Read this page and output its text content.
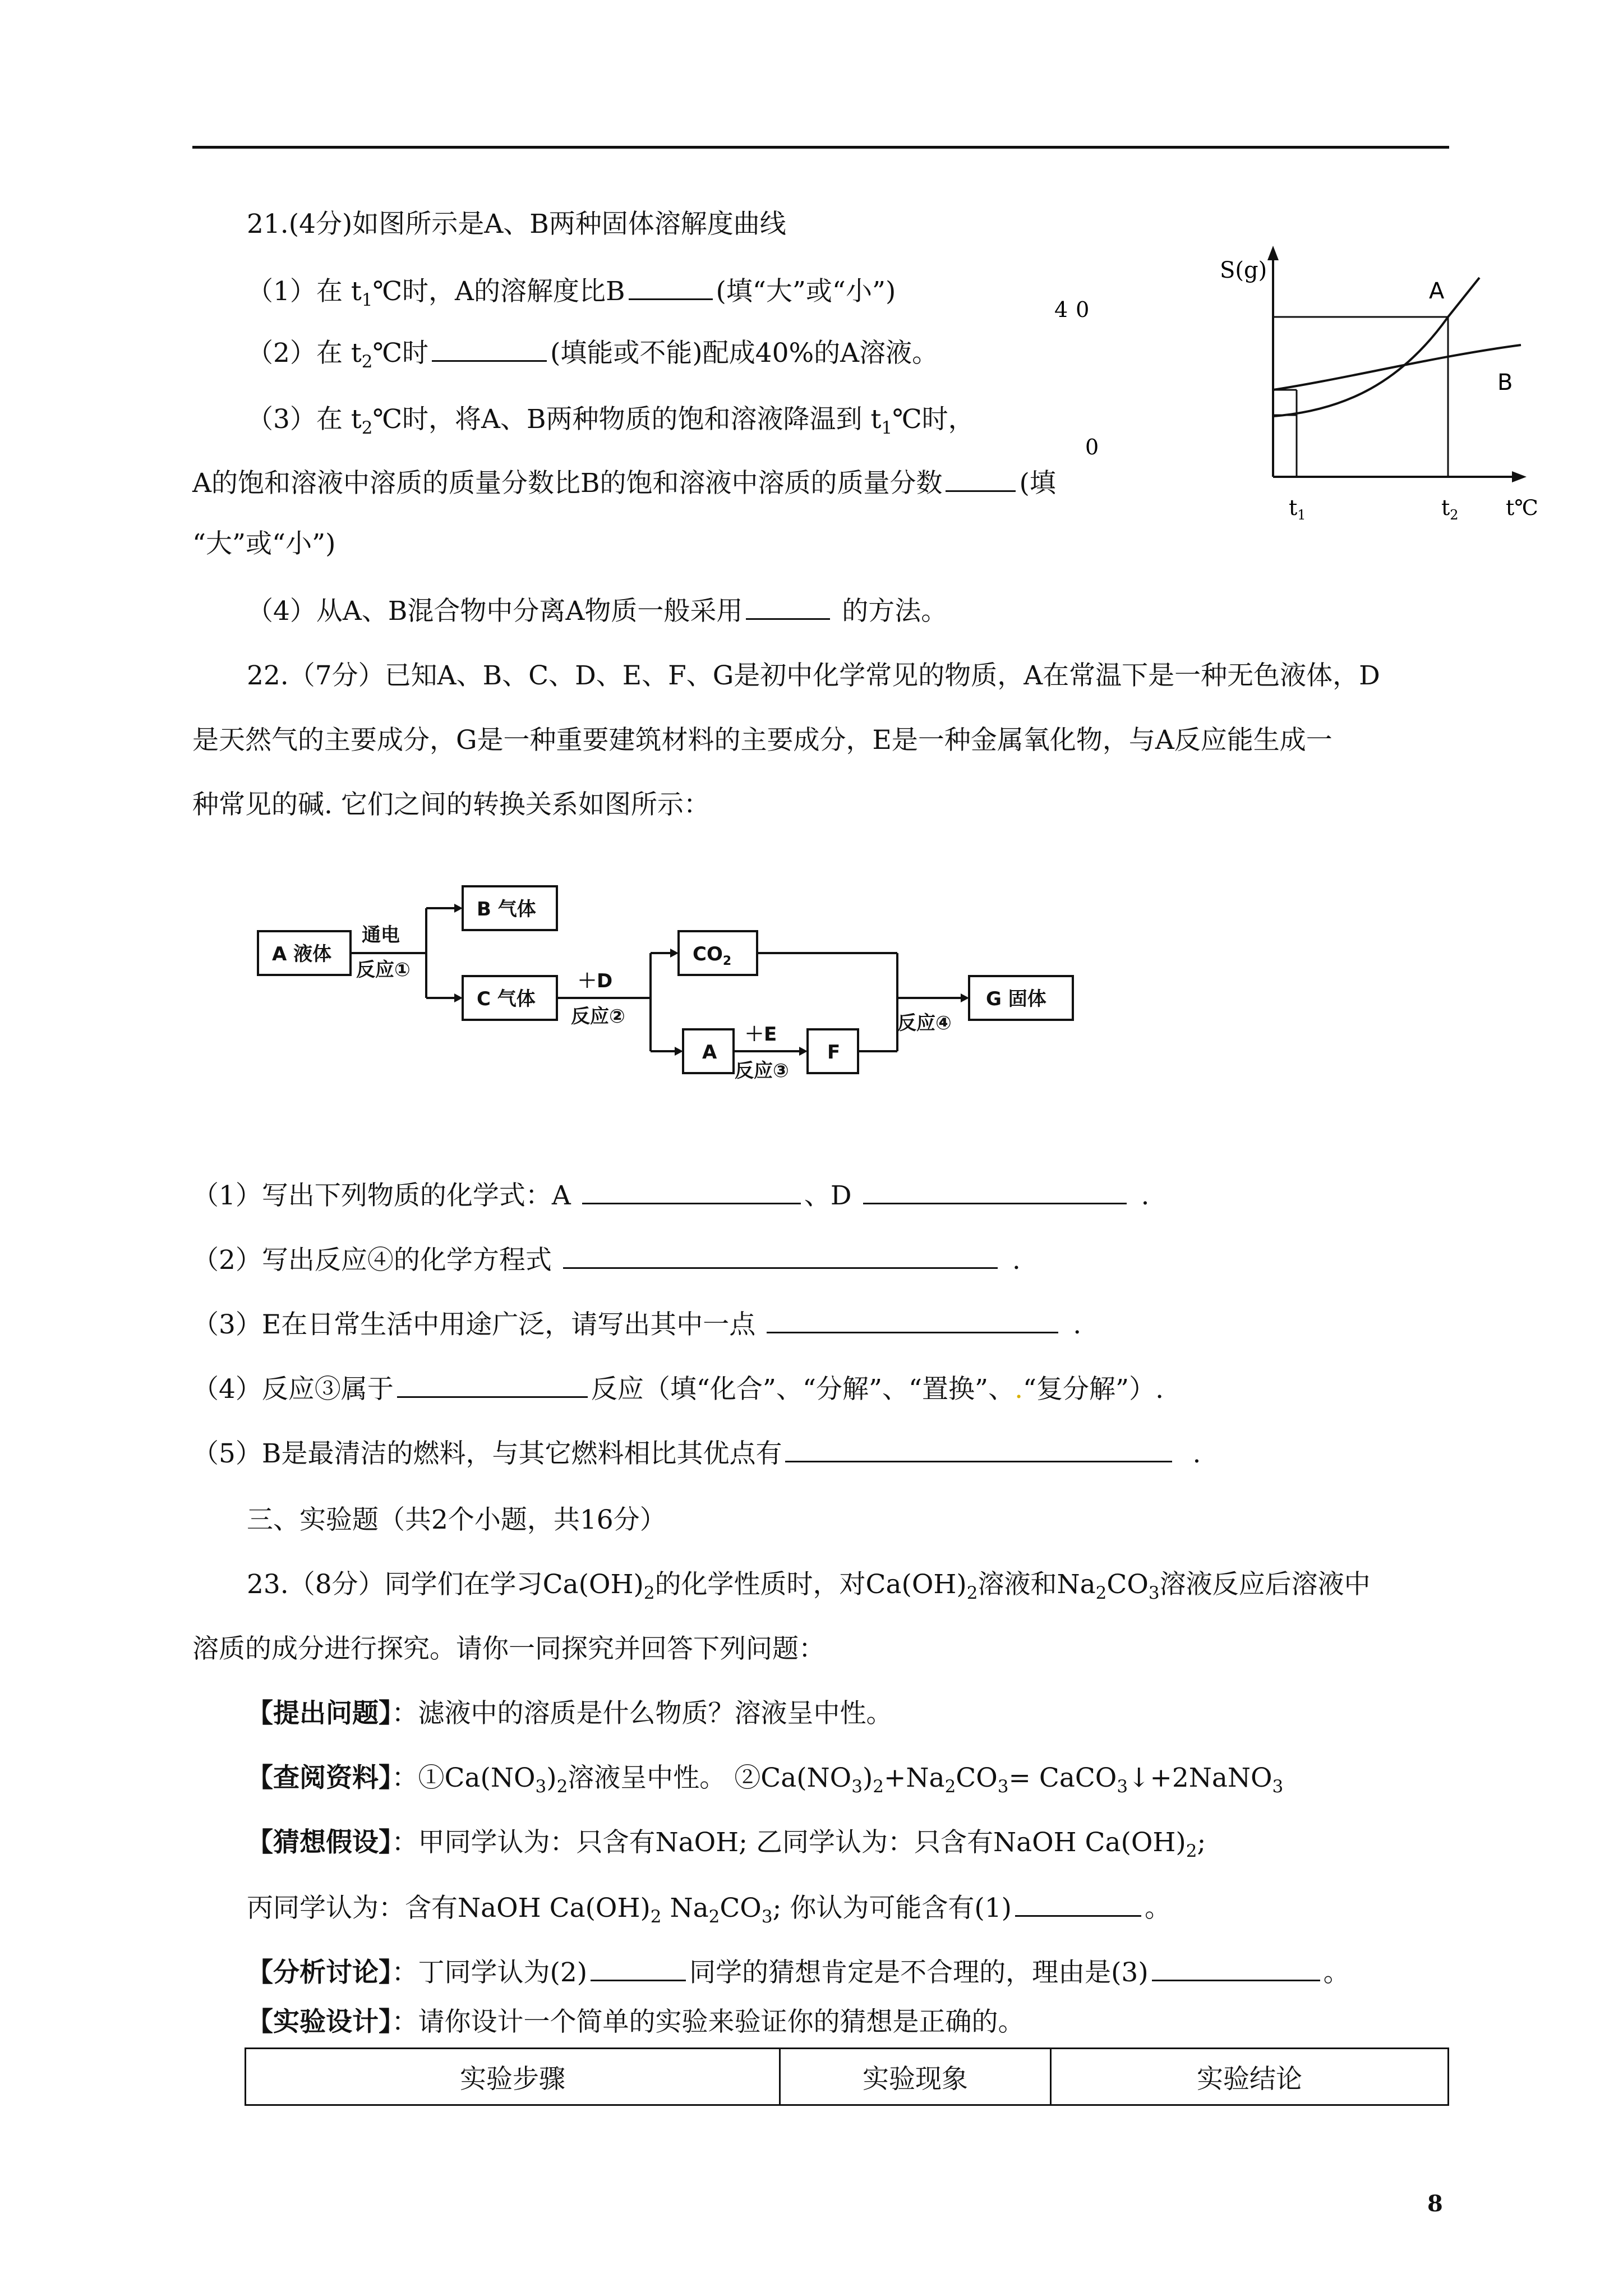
21.(4分)如图所示是A、B两种固体溶解度曲线
（1）在 $t_1℃$时，A的溶解度比B	(填“大”或“小”)
（2）在 $t_2℃$时	(填能或不能)配成40%的A溶液。
（3）在 $t_2℃$时，将A、B两种物质的饱和溶液降温到 $t_1℃$时，
A的饱和溶液中溶质的质量分数比B的饱和溶液中溶质的质量分数	(填
“大”或“小”)
（4）从A、B混合物中分离A物质一般采用	的方法。
40
0
S(g)
A
B
$t_1$	$t_2$ t℃
22.（7分）已知A、B、C、D、E、F、G是初中化学常见的物质，A在常温下是一种无色液体，D
是天然气的主要成分，G是一种重要建筑材料的主要成分，E是一种金属氧化物，与A反应能生成一
种常见的碱. 它们之间的转换关系如图所示：
A 液体
通电
反应①
B 气体
C 气体
＋D
反应②
$CO_2$
A
＋E
反应③
F
反应④
G 固体
（1）写出下列物质的化学式：A	、D	.
（2）写出反应④的化学方程式	.
（3）E在日常生活中用途广泛，请写出其中一点	.
（4）反应③属于	反应（填“化合”、“分解”、“置换”、.“复分解”）.
（5）B是最清洁的燃料，与其它燃料相比其优点有	.
三、实验题（共2个小题，共16分）
23.（8分）同学们在学习$Ca(OH)_2$的化学性质时，对$Ca(OH)_2$溶液和$Na_2CO_3$溶液反应后溶液中
溶质的成分进行探究。请你一同探究并回答下列问题：
【提出问题】：滤液中的溶质是什么物质？溶液呈中性。
【查阅资料】：$①Ca(NO_3)_2$溶液呈中性。 $②Ca(NO_3)_2+Na_2CO_3=$ CaCO$_3$↓+2NaNO$_3$
【猜想假设】：甲同学认为：只含有NaOH; 乙同学认为：只含有NaOH $Ca(OH)_2$;
丙同学认为：含有NaOH $Ca(OH)_2$ $Na_2CO_3$; 你认为可能含有(1)	。
【分析讨论】：丁同学认为(2)	同学的猜想肯定是不合理的，理由是(3)	。
【实验设计】：请你设计一个简单的实验来验证你的猜想是正确的。
实验步骤	实验现象	实验结论
8
